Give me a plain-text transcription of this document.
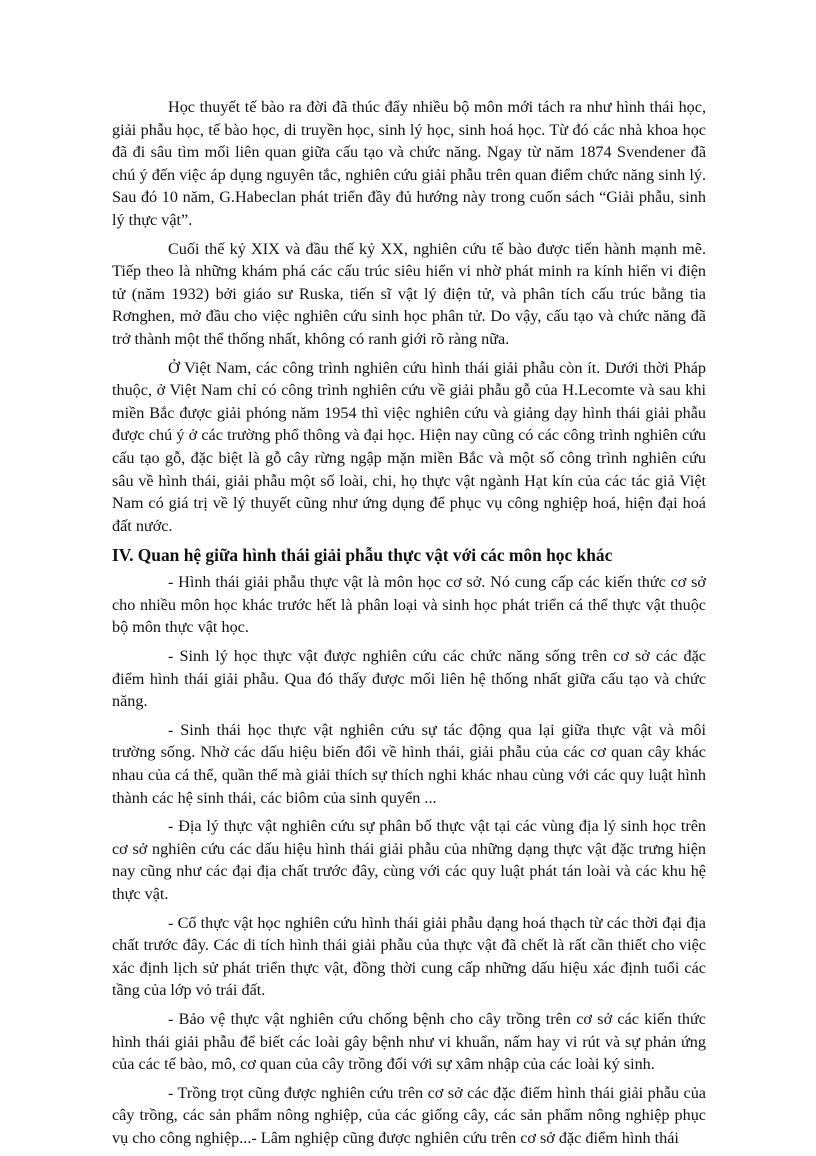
Học thuyết tế bào ra đời đã thúc đẩy nhiều bộ môn mới tách ra như hình thái học, giải phẫu học, tế bào học, di truyền học, sinh lý học, sinh hoá học. Từ đó các nhà khoa học đã đi sâu tìm mối liên quan giữa cấu tạo và chức năng. Ngay từ năm 1874 Svendener đã chú ý đến việc áp dụng nguyên tắc, nghiên cứu giải phẫu trên quan điểm chức năng sinh lý. Sau đó 10 năm, G.Habeclan phát triển đầy đủ hướng này trong cuốn sách “Giải phẫu, sinh lý thực vật”.

Cuối thế kỷ XIX và đầu thế kỷ XX, nghiên cứu tế bào được tiến hành mạnh mẽ. Tiếp theo là những khám phá các cấu trúc siêu hiển vi nhờ phát minh ra kính hiển vi điện tử (năm 1932) bởi giáo sư Ruska, tiến sĩ vật lý điện tử, và phân tích cấu trúc bằng tia Rơnghen, mở đầu cho việc nghiên cứu sinh học phân tử. Do vậy, cấu tạo và chức năng đã trở thành một thể thống nhất, không có ranh giới rõ ràng nữa.

Ở Việt Nam, các công trình nghiên cứu hình thái giải phẫu còn ít. Dưới thời Pháp thuộc, ở Việt Nam chỉ có công trình nghiên cứu về giải phẫu gỗ của H.Lecomte và sau khi miền Bắc được giải phóng năm 1954 thì việc nghiên cứu và giảng dạy hình thái giải phẫu được chú ý ở các trường phổ thông và đại học. Hiện nay cũng có các công trình nghiên cứu cấu tạo gỗ, đặc biệt là gỗ cây rừng ngập mặn miền Bắc và một số công trình nghiên cứu sâu về hình thái, giải phẫu một số loài, chi, họ thực vật ngành Hạt kín của các tác giả Việt Nam có giá trị về lý thuyết cũng như ứng dụng để phục vụ công nghiệp hoá, hiện đại hoá đất nước.

IV. Quan hệ giữa hình thái giải phẫu thực vật với các môn học khác

- Hình thái giải phẫu thực vật là môn học cơ sở. Nó cung cấp các kiến thức cơ sở cho nhiều môn học khác trước hết là phân loại và sinh học phát triển cá thể thực vật thuộc bộ môn thực vật học.

- Sinh lý học thực vật được nghiên cứu các chức năng sống trên cơ sở các đặc điểm hình thái giải phẫu. Qua đó thấy được mối liên hệ thống nhất giữa cấu tạo và chức năng.

- Sinh thái học thực vật nghiên cứu sự tác động qua lại giữa thực vật và môi trường sống. Nhờ các dấu hiệu biến đổi về hình thái, giải phẫu của các cơ quan cây khác nhau của cá thể, quần thể mà giải thích sự thích nghi khác nhau cùng với các quy luật hình thành các hệ sinh thái, các biôm của sinh quyển ...

- Địa lý thực vật nghiên cứu sự phân bố thực vật tại các vùng địa lý sinh học trên cơ sở nghiên cứu các dấu hiệu hình thái giải phẫu của những dạng thực vật đặc trưng hiện nay cũng như các đại địa chất trước đây, cùng với các quy luật phát tán loài và các khu hệ thực vật.

- Cổ thực vật học nghiên cứu hình thái giải phẫu dạng hoá thạch từ các thời đại địa chất trước đây. Các di tích hình thái giải phẫu của thực vật đã chết là rất cần thiết cho việc xác định lịch sử phát triển thực vật, đồng thời cung cấp những dấu hiệu xác định tuổi các tầng của lớp vỏ trái đất.

- Bảo vệ thực vật nghiên cứu chống bệnh cho cây trồng trên cơ sở các kiến thức hình thái giải phẫu để biết các loài gây bệnh như vi khuẩn, nấm hay vi rút và sự phản ứng của các tế bào, mô, cơ quan của cây trồng đối với sự xâm nhập của các loài ký sinh.

- Trồng trọt cũng được nghiên cứu trên cơ sở các đặc điểm hình thái giải phẫu của cây trồng, các sản phẩm nông nghiệp, của các giống cây, các sản phẩm nông nghiệp phục vụ cho công nghiệp...- Lâm nghiệp cũng được nghiên cứu trên cơ sở đặc điểm hình thái
